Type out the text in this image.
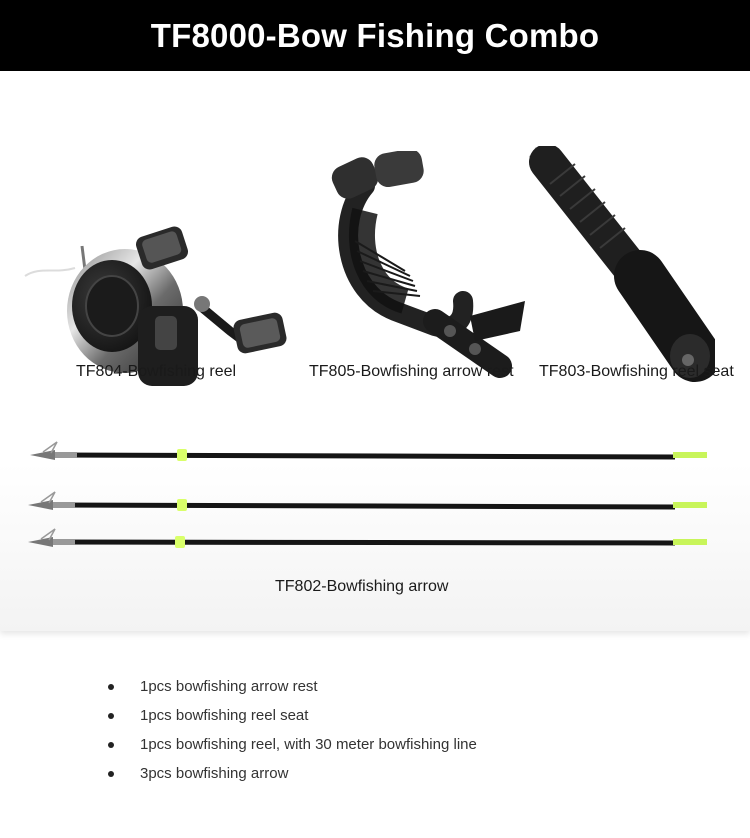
TF8000-Bow Fishing Combo
TF804-Bowfishing reel	TF805-Bowfishing arrow rest TF803-Bowfishing reel seat
TF802-Bowfishing arrow
1pcs bowfishing arrow rest
1pcs bowfishing reel seat
1pcs bowfishing reel, with 30 meter bowfishing line
3pcs bowfishing arrow
